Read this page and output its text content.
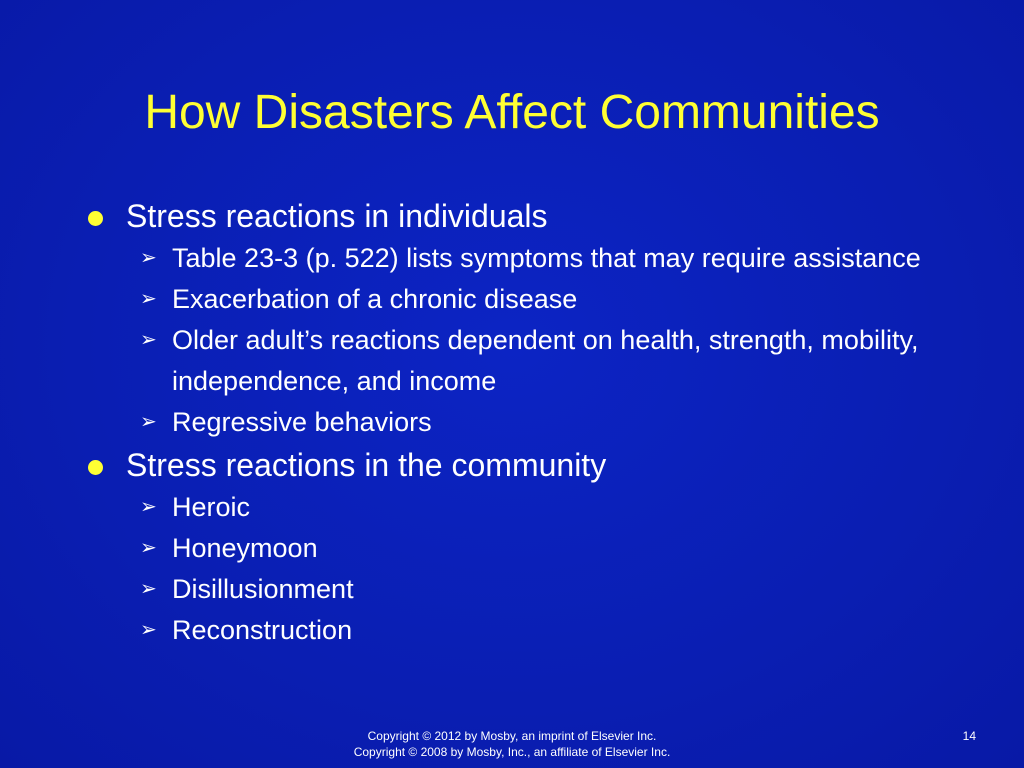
How Disasters Affect Communities
Stress reactions in individuals
➢ Table 23-3 (p. 522) lists symptoms that may require assistance
➢ Exacerbation of a chronic disease
➢ Older adult’s reactions dependent on health, strength, mobility, independence, and income
➢ Regressive behaviors
Stress reactions in the community
➢ Heroic
➢ Honeymoon
➢ Disillusionment
➢ Reconstruction
Copyright © 2012 by Mosby, an imprint of Elsevier Inc.
Copyright © 2008 by Mosby, Inc., an affiliate of Elsevier Inc.
14
